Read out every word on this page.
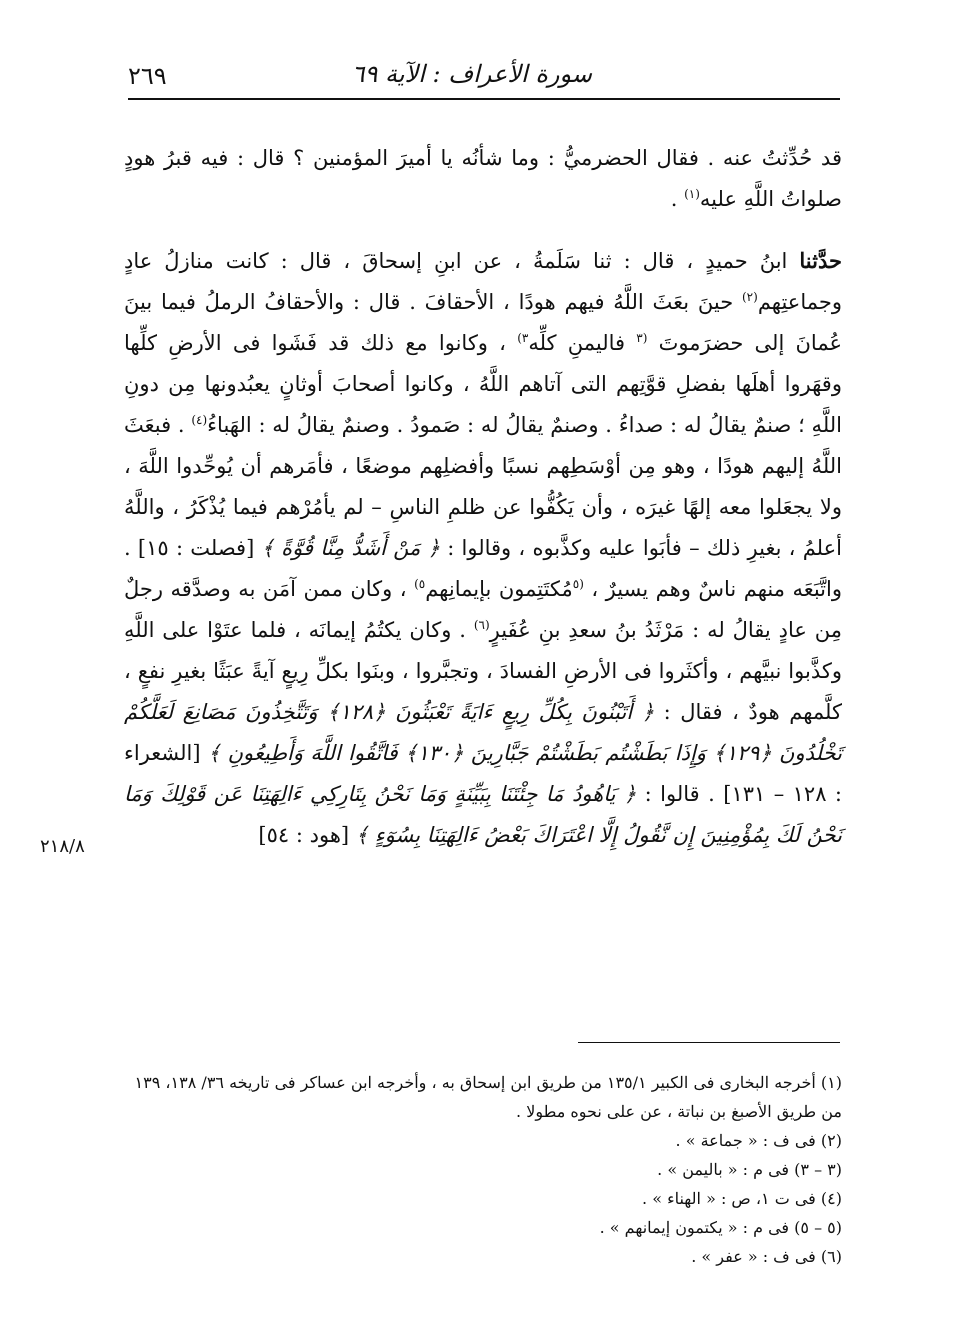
٢٦٩	سورة الأعراف : الآية ٦٩

قد حُدِّثتُ عنه . فقال الحضرميُّ : وما شأنُه يا أميرَ المؤمنين ؟ قال : فيه قبرُ هودٍ صلواتُ اللَّهِ عليه$^{(١)}$ .

حدَّثنا ابنُ حميدٍ ، قال : ثنا سَلَمةُ ، عن ابنِ إسحاقَ ، قال : كانت منازلُ عادٍ وجماعتِهم$^{(٢)}$ حينَ بعَثَ اللَّهُ فيهم هودًا ، الأحقافَ . قال : والأحقافُ الرملُ فيما بينَ عُمانَ إلى حضرَموتَ $^{(٣}$ فاليمنِ كلِّه$^{٣)}$ ، وكانوا مع ذلك قد فَشَوا فى الأرضِ كلِّها وقهَروا أهلَها بفضلِ قوَّتِهم التى آتاهم اللَّهُ ، وكانوا أصحابَ أوثانٍ يعبُدونها مِن دونِ اللَّهِ ؛ صنمٌ يقالُ له : صداءُ . وصنمٌ يقالُ له : صَمودُ . وصنمٌ يقالُ له : الهَباءُ$^{(٤)}$ . فبعَثَ اللَّهُ إليهم هودًا ، وهو مِن أوْسَطِهم نسبًا وأفضلِهم موضعًا ، فأمَرهم أن يُوحِّدوا اللَّهَ ، ولا يجعَلوا معه إلهًا غيرَه ، وأن يَكُفُّوا عن ظلمِ الناسِ – لم يأمُرْهم فيما يُذْكَرُ ، واللَّهُ أعلمُ ، بغيرِ ذلك – فأبَوا عليه وكذَّبوه ، وقالوا : ﴿ مَنْ أَشَدُّ مِنَّا قُوَّةً ﴾ [فصلت : ١٥] . واتَّبَعَه منهم ناسٌ وهم يسيرٌ ، $^{(٥}$مُكتَتِمون بإيمانِهم$^{٥)}$ ، وكان ممن آمَن به وصدَّقه رجلٌ مِن عادٍ يقالُ له : مَرْثَدُ بنُ سعدِ بنِ عُفَيرٍ$^{(٦)}$ . وكان يكتُمُ إيمانَه ، فلما عتَوْا على اللَّهِ وكذَّبوا نبيَّهم ، وأكثَروا فى الأرضِ الفسادَ ، وتجبَّروا ، وبنَوا بكلِّ رِيعٍ آيةً عبَثًا بغيرِ نفعٍ ، كلَّمهم هودٌ ، فقال : ﴿ أَتَبْنُونَ بِكُلِّ رِيعٍ ءَايَةً تَعْبَثُونَ ﴿١٢٨﴾ وَتَتَّخِذُونَ مَصَانِعَ لَعَلَّكُمْ تَخْلُدُونَ ﴿١٢٩﴾ وَإِذَا بَطَشْتُم بَطَشْتُمْ جَبَّارِينَ ﴿١٣٠﴾ فَاتَّقُوا اللَّهَ وَأَطِيعُونِ ﴾ [الشعراء : ١٢٨ – ١٣١] . قالوا : ﴿ يَاهُودُ مَا جِئْتَنَا بِبَيِّنَةٍ وَمَا نَحْنُ بِتَارِكِي ءَالِهَتِنَا عَن قَوْلِكَ وَمَا نَحْنُ لَكَ بِمُؤْمِنِينَ إِن نَّقُولُ إِلَّا اعْتَرَاكَ بَعْضُ ءَالِهَتِنَا بِسُوٓءٍ ﴾ [هود : ٥٤]

٢١٨/٨

(١) أخرجه البخارى فى الكبير ١٣٥/١ من طريق ابن إسحاق به ، وأخرجه ابن عساكر فى تاريخه ٣٦/ ١٣٨، ١٣٩ من طريق الأصبغ بن نباتة ، عن على نحوه مطولا .

(٢) فى ف : « جماعة » .

(٣ – ٣) فى م : « باليمن » .

(٤) فى ت ١، ص : « الهناء » .

(٥ – ٥) فى م : « يكتمون إيمانهم » .

(٦) فى ف : « عفر » .
